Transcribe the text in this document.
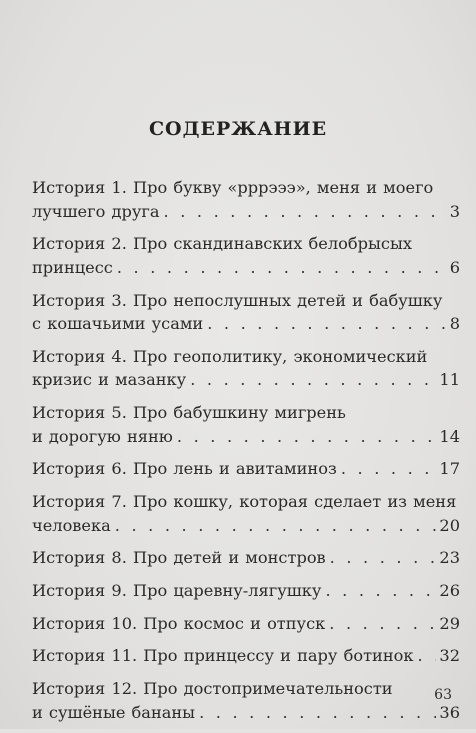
СОДЕРЖАНИЕ
История 1. Про букву «рррэээ», меня и моего
лучшего друга . . .	3
История 2. Про скандинавских белобрысых
принцесс . . .	6
История 3. Про непослушных детей и бабушку
с кошачьими усами . . .	8
История 4. Про геополитику, экономический
кризис и мазанку . . .	11
История 5. Про бабушкину мигрень
и дорогую няню . . .	14
История 6. Про лень и авитаминоз . . .	17
История 7. Про кошку, которая сделает из меня
человека . . .	20
История 8. Про детей и монстров . . .	23
История 9. Про царевну-лягушку . . .	26
История 10. Про космос и отпуск . . .	29
История 11. Про принцессу и пару ботинок . . . 32
История 12. Про достопримечательности
и сушёные бананы . . .	36
63
